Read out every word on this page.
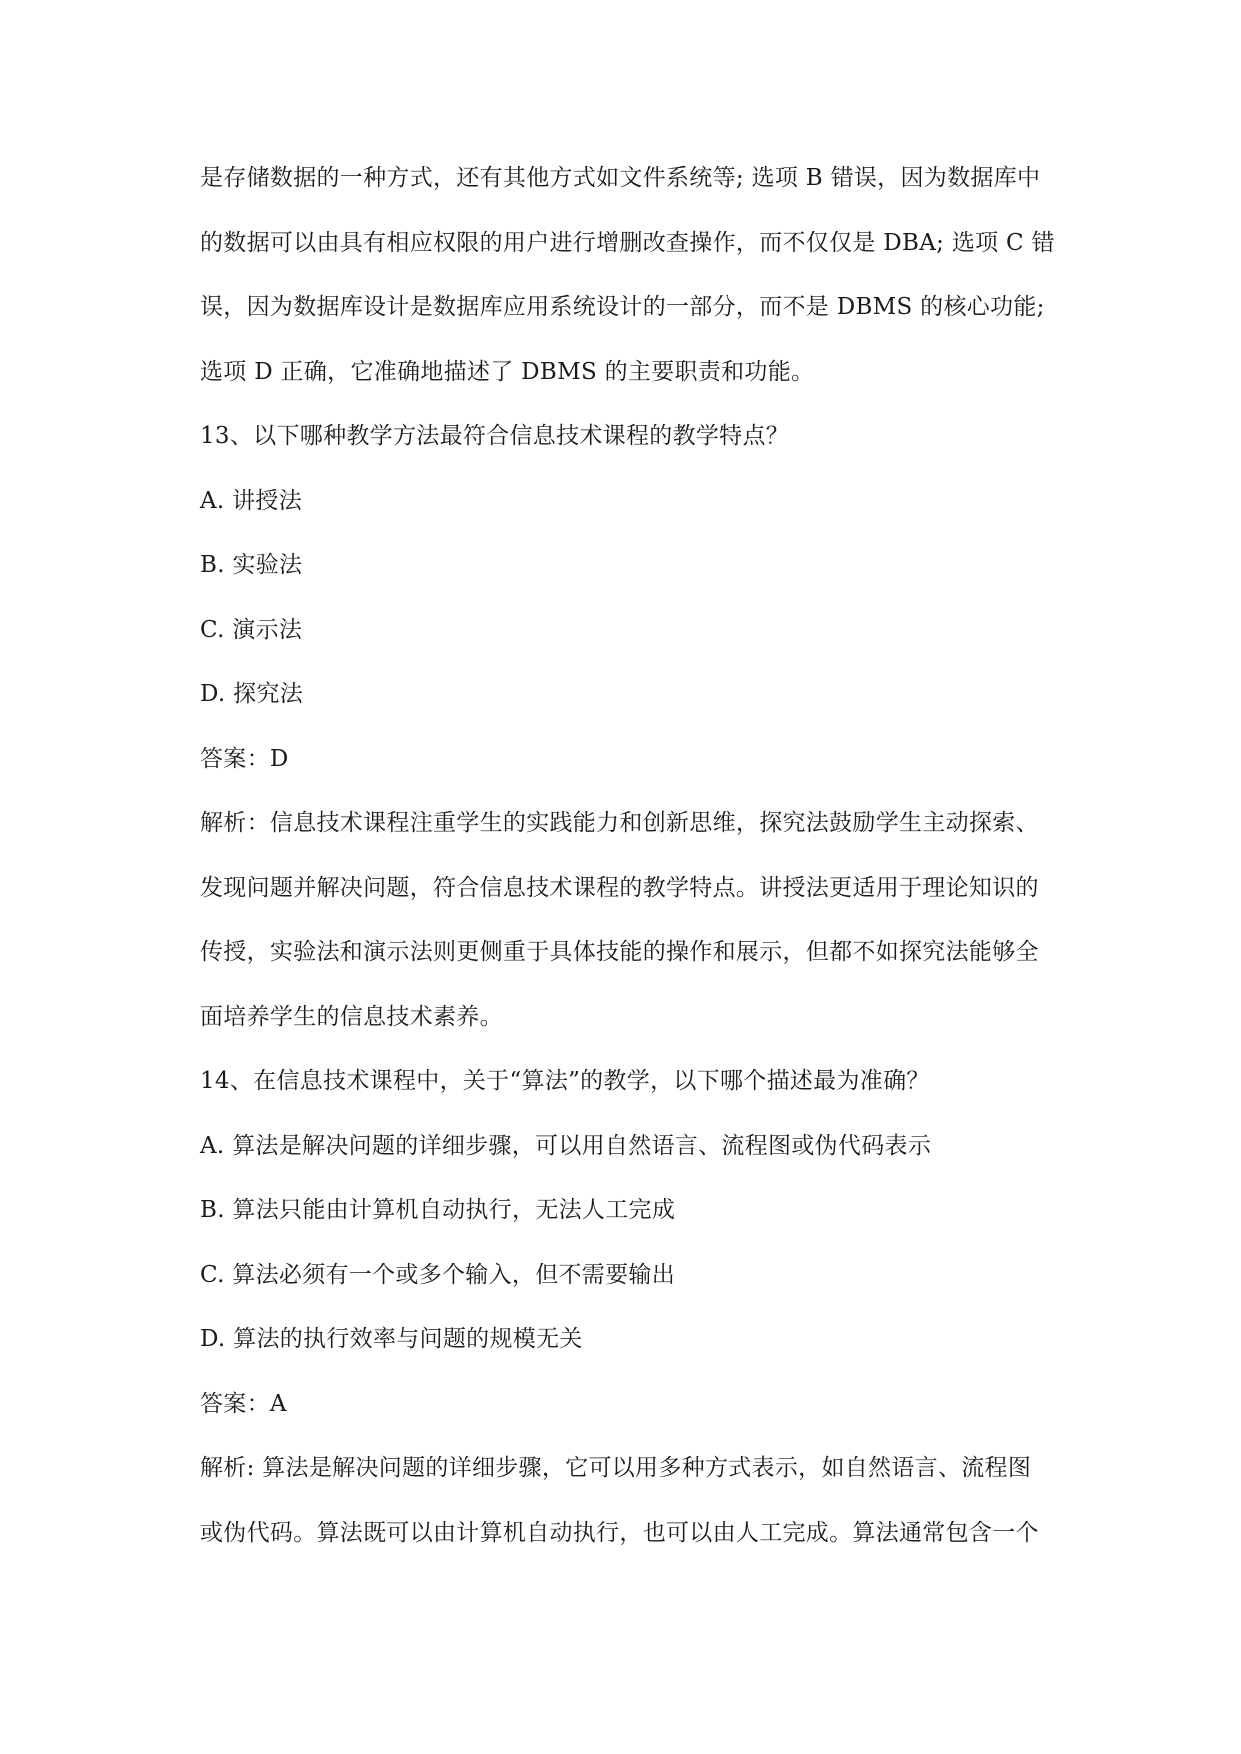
是存储数据的一种方式，还有其他方式如文件系统等; 选项 B 错误，因为数据库中
的数据可以由具有相应权限的用户进行增删改查操作，而不仅仅是 DBA; 选项 C 错
误，因为数据库设计是数据库应用系统设计的一部分，而不是 DBMS 的核心功能;
选项 D 正确，它准确地描述了 DBMS 的主要职责和功能。
13、以下哪种教学方法最符合信息技术课程的教学特点？
A. 讲授法
B. 实验法
C. 演示法
D. 探究法
答案：D
解析：信息技术课程注重学生的实践能力和创新思维，探究法鼓励学生主动探索、
发现问题并解决问题，符合信息技术课程的教学特点。讲授法更适用于理论知识的
传授，实验法和演示法则更侧重于具体技能的操作和展示，但都不如探究法能够全
面培养学生的信息技术素养。
14、在信息技术课程中，关于“算法”的教学，以下哪个描述最为准确？
A. 算法是解决问题的详细步骤，可以用自然语言、流程图或伪代码表示
B. 算法只能由计算机自动执行，无法人工完成
C. 算法必须有一个或多个输入，但不需要输出
D. 算法的执行效率与问题的规模无关
答案：A
解析: 算法是解决问题的详细步骤，它可以用多种方式表示，如自然语言、流程图
或伪代码。算法既可以由计算机自动执行，也可以由人工完成。算法通常包含一个
